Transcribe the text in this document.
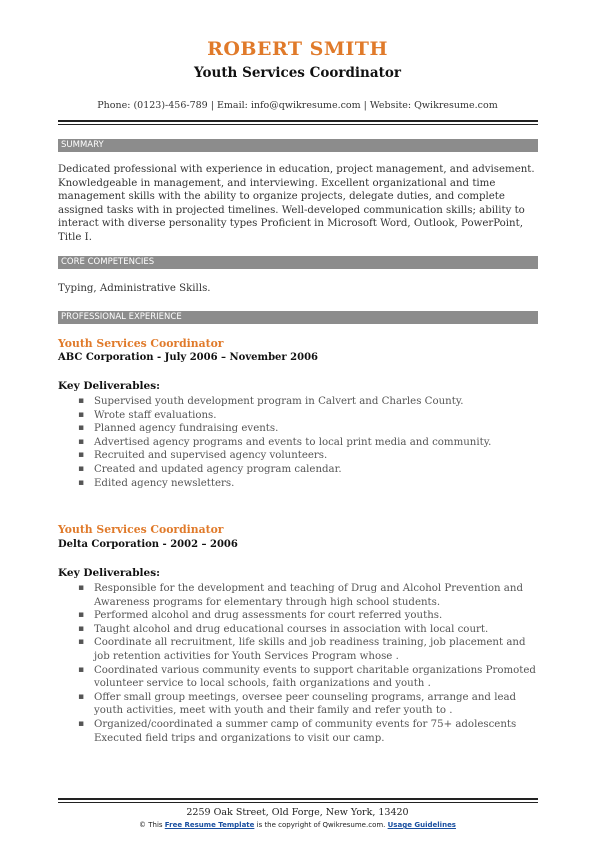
ROBERT SMITH
Youth Services Coordinator
Phone: (0123)-456-789 | Email: info@qwikresume.com | Website: Qwikresume.com
SUMMARY
Dedicated professional with experience in education, project management, and advisement. Knowledgeable in management, and interviewing. Excellent organizational and time management skills with the ability to organize projects, delegate duties, and complete assigned tasks with in projected timelines. Well-developed communication skills; ability to interact with diverse personality types Proficient in Microsoft Word, Outlook, PowerPoint, Title I.
CORE COMPETENCIES
Typing, Administrative Skills.
PROFESSIONAL EXPERIENCE
Youth Services Coordinator
ABC Corporation - July 2006 – November 2006
Key Deliverables:
▪ Supervised youth development program in Calvert and Charles County.
▪ Wrote staff evaluations.
▪ Planned agency fundraising events.
▪ Advertised agency programs and events to local print media and community.
▪ Recruited and supervised agency volunteers.
▪ Created and updated agency program calendar.
▪ Edited agency newsletters.
Youth Services Coordinator
Delta Corporation - 2002 – 2006
Key Deliverables:
▪ Responsible for the development and teaching of Drug and Alcohol Prevention and Awareness programs for elementary through high school students.
▪ Performed alcohol and drug assessments for court referred youths.
▪ Taught alcohol and drug educational courses in association with local court.
▪ Coordinate all recruitment, life skills and job readiness training, job placement and job retention activities for Youth Services Program whose .
▪ Coordinated various community events to support charitable organizations Promoted volunteer service to local schools, faith organizations and youth .
▪ Offer small group meetings, oversee peer counseling programs, arrange and lead youth activities, meet with youth and their family and refer youth to .
▪ Organized/coordinated a summer camp of community events for 75+ adolescents Executed field trips and organizations to visit our camp.
2259 Oak Street, Old Forge, New York, 13420
© This Free Resume Template is the copyright of Qwikresume.com. Usage Guidelines
